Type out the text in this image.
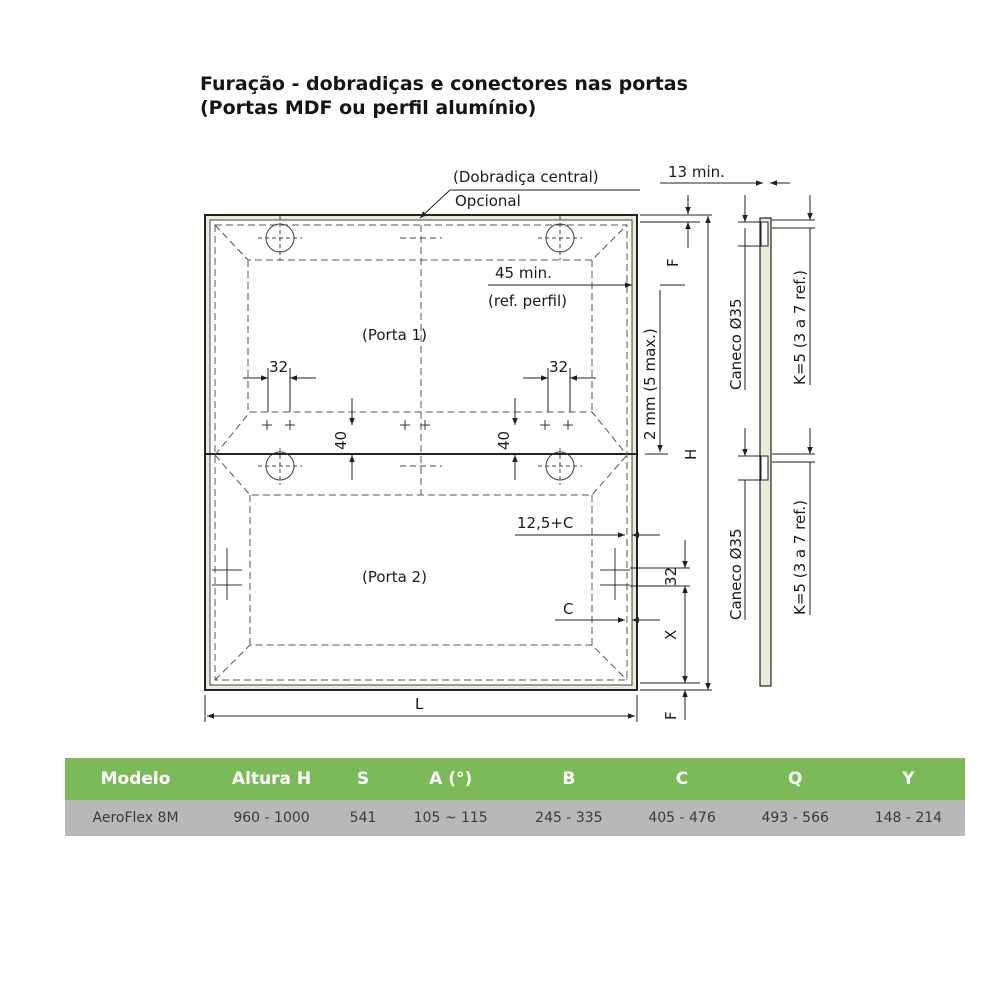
Furação - dobradiças e conectores nas portas
(Portas MDF ou perfil alumínio)
(Dobradiça central)
Opcional
13 min.
45 min.
(ref. perfil)
(Porta 1)
(Porta 2)
32	32
40	40
2 mm (5 max.)
H
F
F
X
32
C
12,5+C
L
Caneco Ø35
Caneco Ø35
K=5 (3 a 7 ref.)
K=5 (3 a 7 ref.)
Modelo	Altura H	S	A (°)	B	C	Q	Y
AeroFlex 8M	960 - 1000	541	105 ~ 115	245 - 335	405 - 476	493 - 566	148 - 214
